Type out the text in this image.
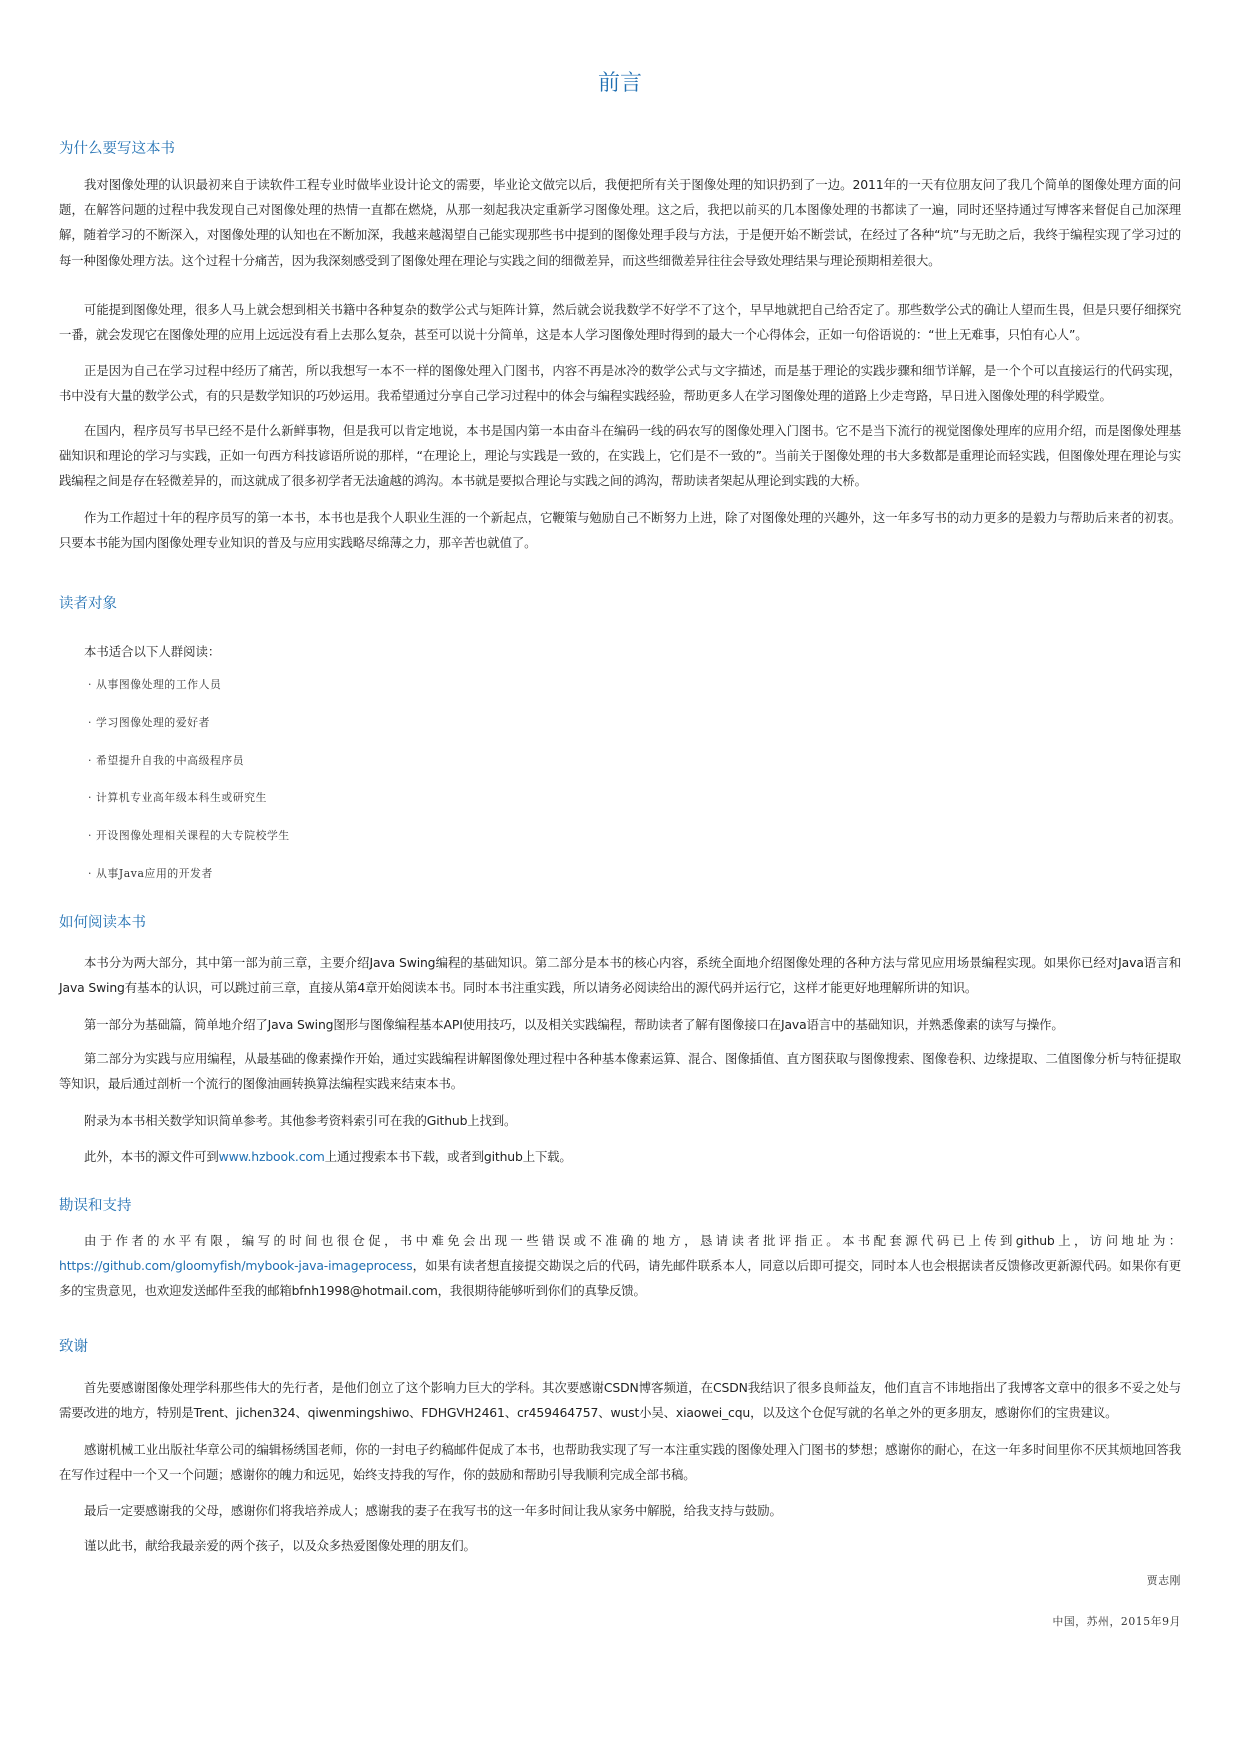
前言
为什么要写这本书

我对图像处理的认识最初来自于读软件工程专业时做毕业设计论文的需要，毕业论文做完以后，我便把所有关于图像处理的知识扔到了一边。2011年的一天有位朋友问了我几个简单的图像处理方面的问题，在解答问题的过程中我发现自己对图像处理的热情一直都在燃烧，从那一刻起我决定重新学习图像处理。这之后，我把以前买的几本图像处理的书都读了一遍，同时还坚持通过写博客来督促自己加深理解，随着学习的不断深入，对图像处理的认知也在不断加深，我越来越渴望自己能实现那些书中提到的图像处理手段与方法，于是便开始不断尝试，在经过了各种“坑”与无助之后，我终于编程实现了学习过的每一种图像处理方法。这个过程十分痛苦，因为我深刻感受到了图像处理在理论与实践之间的细微差异，而这些细微差异往往会导致处理结果与理论预期相差很大。

可能提到图像处理，很多人马上就会想到相关书籍中各种复杂的数学公式与矩阵计算，然后就会说我数学不好学不了这个，早早地就把自己给否定了。那些数学公式的确让人望而生畏，但是只要仔细探究一番，就会发现它在图像处理的应用上远远没有看上去那么复杂，甚至可以说十分简单，这是本人学习图像处理时得到的最大一个心得体会，正如一句俗语说的：“世上无难事，只怕有心人”。

正是因为自己在学习过程中经历了痛苦，所以我想写一本不一样的图像处理入门图书，内容不再是冰冷的数学公式与文字描述，而是基于理论的实践步骤和细节详解，是一个个可以直接运行的代码实现，书中没有大量的数学公式，有的只是数学知识的巧妙运用。我希望通过分享自己学习过程中的体会与编程实践经验，帮助更多人在学习图像处理的道路上少走弯路，早日进入图像处理的科学殿堂。

在国内，程序员写书早已经不是什么新鲜事物，但是我可以肯定地说，本书是国内第一本由奋斗在编码一线的码农写的图像处理入门图书。它不是当下流行的视觉图像处理库的应用介绍，而是图像处理基础知识和理论的学习与实践，正如一句西方科技谚语所说的那样，“在理论上，理论与实践是一致的，在实践上，它们是不一致的”。当前关于图像处理的书大多数都是重理论而轻实践，但图像处理在理论与实践编程之间是存在轻微差异的，而这就成了很多初学者无法逾越的鸿沟。本书就是要拟合理论与实践之间的鸿沟，帮助读者架起从理论到实践的大桥。

作为工作超过十年的程序员写的第一本书，本书也是我个人职业生涯的一个新起点，它鞭策与勉励自己不断努力上进，除了对图像处理的兴趣外，这一年多写书的动力更多的是毅力与帮助后来者的初衷。只要本书能为国内图像处理专业知识的普及与应用实践略尽绵薄之力，那辛苦也就值了。

读者对象

本书适合以下人群阅读：

· 从事图像处理的工作人员
· 学习图像处理的爱好者
· 希望提升自我的中高级程序员
· 计算机专业高年级本科生或研究生
· 开设图像处理相关课程的大专院校学生
· 从事Java应用的开发者
如何阅读本书

本书分为两大部分，其中第一部为前三章，主要介绍Java Swing编程的基础知识。第二部分是本书的核心内容，系统全面地介绍图像处理的各种方法与常见应用场景编程实现。如果你已经对Java语言和Java Swing有基本的认识，可以跳过前三章，直接从第4章开始阅读本书。同时本书注重实践，所以请务必阅读给出的源代码并运行它，这样才能更好地理解所讲的知识。

第一部分为基础篇，简单地介绍了Java Swing图形与图像编程基本API使用技巧，以及相关实践编程，帮助读者了解有图像接口在Java语言中的基础知识，并熟悉像素的读写与操作。

第二部分为实践与应用编程，从最基础的像素操作开始，通过实践编程讲解图像处理过程中各种基本像素运算、混合、图像插值、直方图获取与图像搜索、图像卷积、边缘提取、二值图像分析与特征提取等知识，最后通过剖析一个流行的图像油画转换算法编程实践来结束本书。

附录为本书相关数学知识简单参考。其他参考资料索引可在我的Github上找到。

此外，本书的源文件可到www.hzbook.com上通过搜索本书下载，或者到github上下载。

勘误和支持

由于作者的水平有限，编写的时间也很仓促，书中难免会出现一些错误或不准确的地方，恳请读者批评指正。本书配套源代码已上传到github上，访问地址为：https://github.com/gloomyfish/mybook-java-imageprocess，如果有读者想直接提交勘误之后的代码，请先邮件联系本人，同意以后即可提交，同时本人也会根据读者反馈修改更新源代码。如果你有更多的宝贵意见，也欢迎发送邮件至我的邮箱bfnh1998@hotmail.com，我很期待能够听到你们的真挚反馈。

致谢

首先要感谢图像处理学科那些伟大的先行者，是他们创立了这个影响力巨大的学科。其次要感谢CSDN博客频道，在CSDN我结识了很多良师益友，他们直言不讳地指出了我博客文章中的很多不妥之处与需要改进的地方，特别是Trent、jichen324、qiwenmingshiwo、FDHGVH2461、cr459464757、wust小吴、xiaowei_cqu，以及这个仓促写就的名单之外的更多朋友，感谢你们的宝贵建议。

感谢机械工业出版社华章公司的编辑杨绣国老师，你的一封电子约稿邮件促成了本书，也帮助我实现了写一本注重实践的图像处理入门图书的梦想；感谢你的耐心，在这一年多时间里你不厌其烦地回答我在写作过程中一个又一个问题；感谢你的魄力和远见，始终支持我的写作，你的鼓励和帮助引导我顺利完成全部书稿。

最后一定要感谢我的父母，感谢你们将我培养成人；感谢我的妻子在我写书的这一年多时间让我从家务中解脱，给我支持与鼓励。

谨以此书，献给我最亲爱的两个孩子，以及众多热爱图像处理的朋友们。

贾志刚

中国，苏州，2015年9月
